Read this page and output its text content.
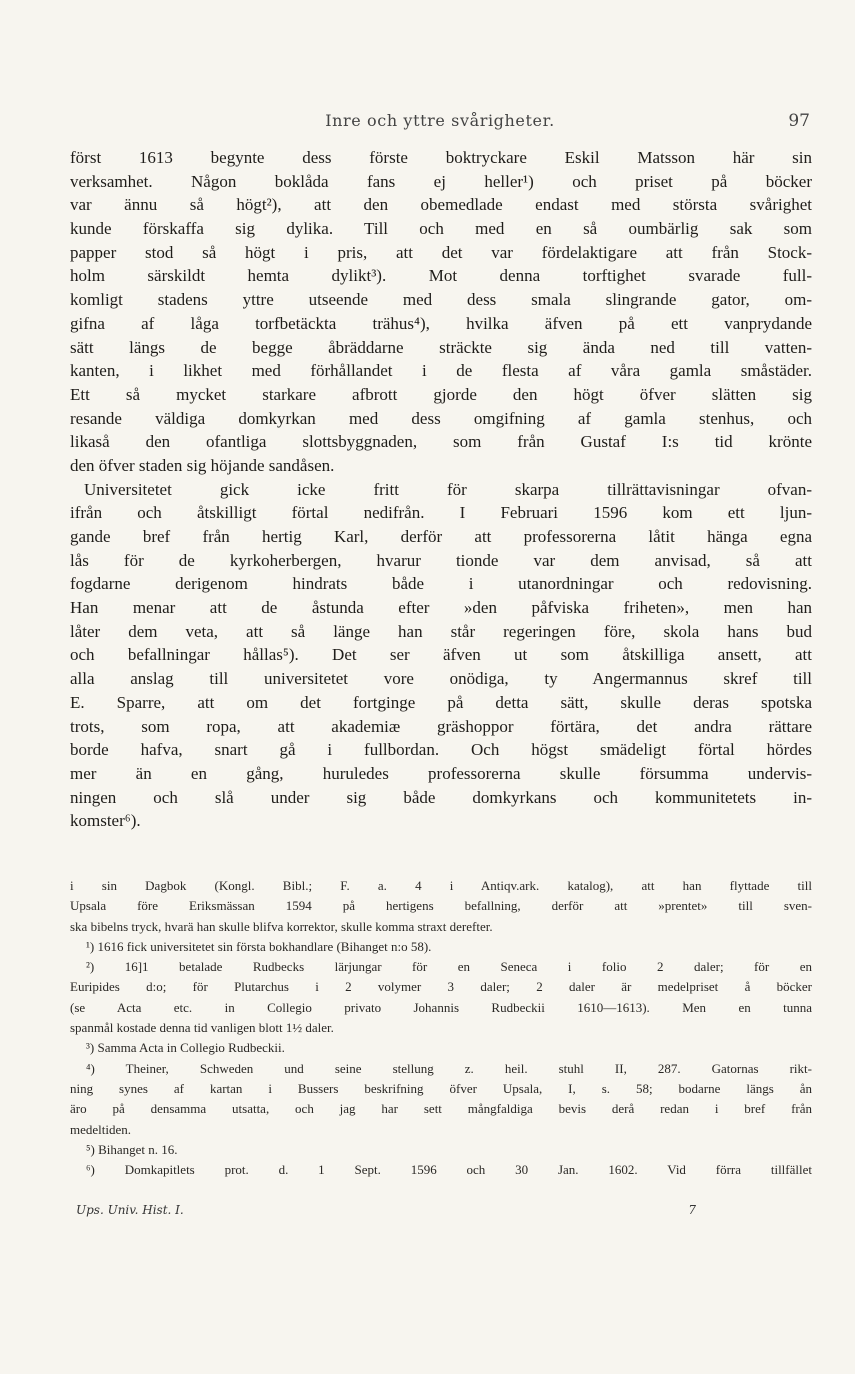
Inre och yttre svårigheter.	97
först 1613 begynte dess förste boktryckare Eskil Matsson här sin
verksamhet. Någon boklåda fans ej heller¹) och priset på böcker
var ännu så högt²), att den obemedlade endast med största svårighet
kunde förskaffa sig dylika. Till och med en så oumbärlig sak som
papper stod så högt i pris, att det var fördelaktigare att från Stock-
holm särskildt hemta dylikt³). Mot denna torftighet svarade full-
komligt stadens yttre utseende med dess smala slingrande gator, om-
gifna af låga torfbetäckta trähus⁴), hvilka äfven på ett vanprydande
sätt längs de begge åbräddarne sträckte sig ända ned till vatten-
kanten, i likhet med förhållandet i de flesta af våra gamla småstäder.
Ett så mycket starkare afbrott gjorde den högt öfver slätten sig
resande väldiga domkyrkan med dess omgifning af gamla stenhus, och
likaså den ofantliga slottsbyggnaden, som från Gustaf I:s tid krönte
den öfver staden sig höjande sandåsen.
Universitetet gick icke fritt för skarpa tillrättavisningar ofvan-
ifrån och åtskilligt förtal nedifrån. I Februari 1596 kom ett ljun-
gande bref från hertig Karl, derför att professorerna låtit hänga egna
lås för de kyrkoherbergen, hvarur tionde var dem anvisad, så att
fogdarne derigenom hindrats både i utanordningar och redovisning.
Han menar att de åstunda efter »den påfviska friheten», men han
låter dem veta, att så länge han står regeringen före, skola hans bud
och befallningar hållas⁵). Det ser äfven ut som åtskilliga ansett, att
alla anslag till universitetet vore onödiga, ty Angermannus skref till
E. Sparre, att om det fortginge på detta sätt, skulle deras spotska
trots, som ropa, att akademiæ gräshoppor förtära, det andra rättare
borde hafva, snart gå i fullbordan. Och högst smädeligt förtal hördes
mer än en gång, huruledes professorerna skulle försumma undervis-
ningen och slå under sig både domkyrkans och kommunitetets in-
komster⁶).
i sin Dagbok (Kongl. Bibl.; F. a. 4 i Antiqv.ark. katalog), att han flyttade till
Upsala före Eriksmässan 1594 på hertigens befallning, derför att »prentet» till sven-
ska bibelns tryck, hvarä han skulle blifva korrektor, skulle komma straxt derefter.
¹) 1616 fick universitetet sin första bokhandlare (Bihanget n:o 58).
²) 16]1 betalade Rudbecks lärjungar för en Seneca i folio 2 daler; för en
Euripides d:o; för Plutarchus i 2 volymer 3 daler; 2 daler är medelpriset å böcker
(se Acta etc. in Collegio privato Johannis Rudbeckii 1610—1613). Men en tunna
spanmål kostade denna tid vanligen blott 1½ daler.
³) Samma Acta in Collegio Rudbeckii.
⁴) Theiner, Schweden und seine stellung z. heil. stuhl II, 287. Gatornas rikt-
ning synes af kartan i Bussers beskrifning öfver Upsala, I, s. 58; bodarne längs ån
äro på densamma utsatta, och jag har sett mångfaldiga bevis derå redan i bref från
medeltiden.
⁵) Bihanget n. 16.
⁶) Domkapitlets prot. d. 1 Sept. 1596 och 30 Jan. 1602. Vid förra tillfället
Ups. Univ. Hist. I.	7
